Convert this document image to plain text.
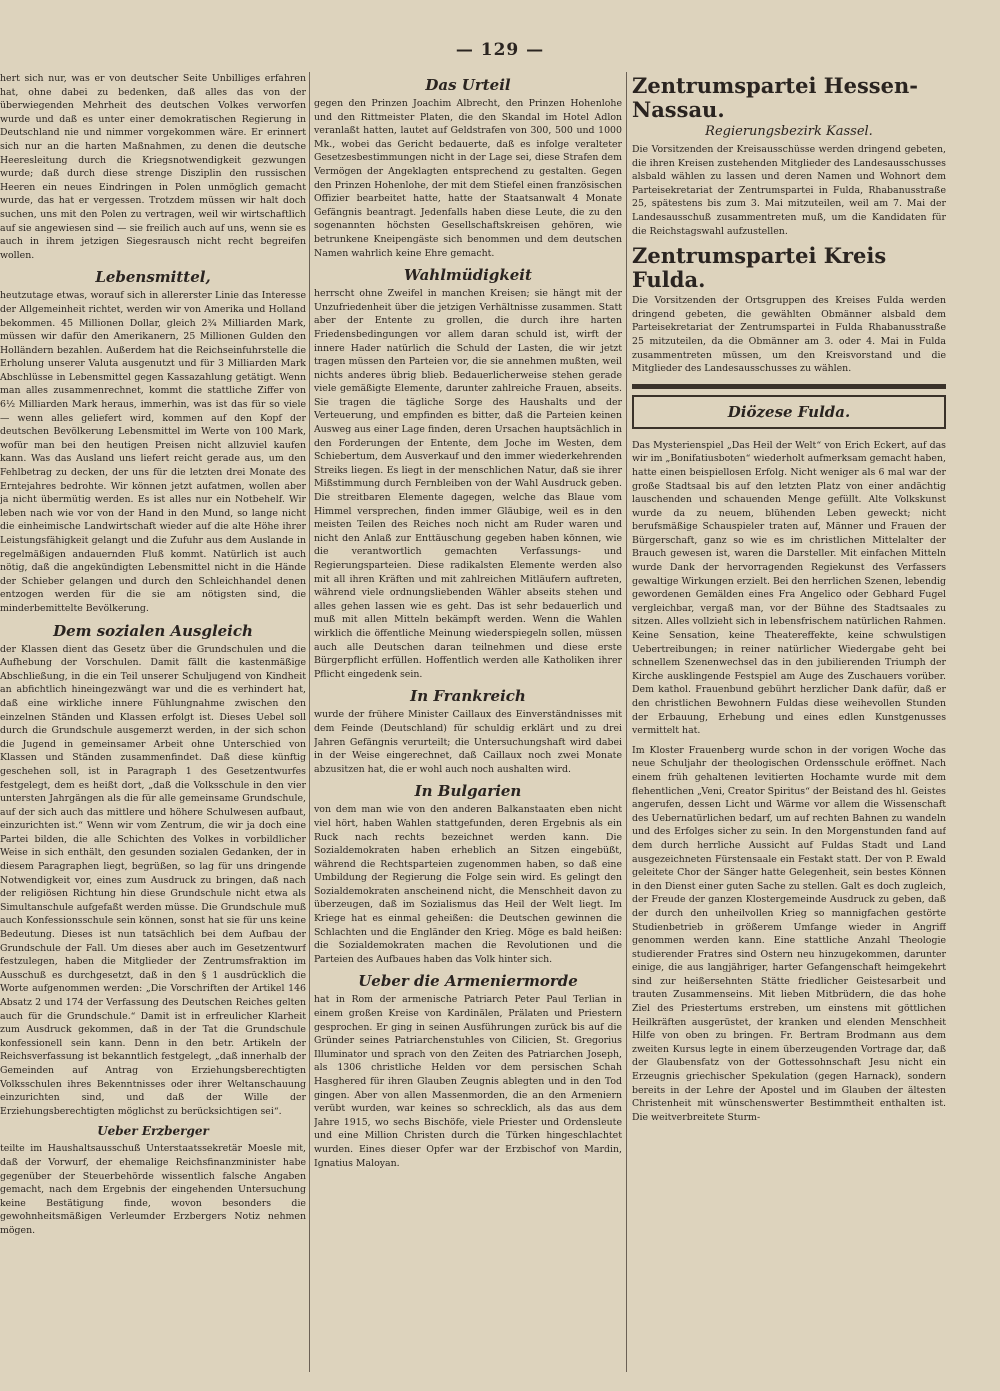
— 129 —

hert sich nur, was er von deutscher Seite Unbilliges erfahren hat, ohne dabei zu bedenken, daß alles das von der überwiegenden Mehrheit des deutschen Volkes verworfen wurde und daß es unter einer demokratischen Regierung in Deutschland nie und nimmer vorgekommen wäre. Er erinnert sich nur an die harten Maßnahmen, zu denen die deutsche Heeresleitung durch die Kriegsnotwendigkeit gezwungen wurde; daß durch diese strenge Disziplin den russischen Heeren ein neues Eindringen in Polen unmöglich gemacht wurde, das hat er vergessen. Trotzdem müssen wir halt doch suchen, uns mit den Polen zu vertragen, weil wir wirtschaftlich auf sie angewiesen sind — sie freilich auch auf uns, wenn sie es auch in ihrem jetzigen Siegesrausch nicht recht begreifen wollen.

Lebensmittel,

heutzutage etwas, worauf sich in allererster Linie das Interesse der Allgemeinheit richtet, werden wir von Amerika und Holland bekommen. 45 Millionen Dollar, gleich 2¾ Milliarden Mark, müssen wir dafür den Amerikanern, 25 Millionen Gulden den Holländern bezahlen. Außerdem hat die Reichseinfuhrstelle die Erholung unserer Valuta ausgenutzt und für 3 Milliarden Mark Abschlüsse in Lebensmittel gegen Kassazahlung getätigt. Wenn man alles zusammenrechnet, kommt die stattliche Ziffer von 6½ Milliarden Mark heraus, immerhin, was ist das für so viele — wenn alles geliefert wird, kommen auf den Kopf der deutschen Bevölkerung Lebensmittel im Werte von 100 Mark, wofür man bei den heutigen Preisen nicht allzuviel kaufen kann. Was das Ausland uns liefert reicht gerade aus, um den Fehlbetrag zu decken, der uns für die letzten drei Monate des Erntejahres bedrohte. Wir können jetzt aufatmen, wollen aber ja nicht übermütig werden. Es ist alles nur ein Notbehelf. Wir leben nach wie vor von der Hand in den Mund, so lange nicht die einheimische Landwirtschaft wieder auf die alte Höhe ihrer Leistungsfähigkeit gelangt und die Zufuhr aus dem Auslande in regelmäßigen andauernden Fluß kommt. Natürlich ist auch nötig, daß die angekündigten Lebensmittel nicht in die Hände der Schieber gelangen und durch den Schleichhandel denen entzogen werden für die sie am nötigsten sind, die minderbemittelte Bevölkerung.

Dem sozialen Ausgleich

der Klassen dient das Gesetz über die Grundschulen und die Aufhebung der Vorschulen. Damit fällt die kastenmäßige Abschließung, in die ein Teil unserer Schuljugend von Kindheit an abfichtlich hineingezwängt war und die es verhindert hat, daß eine wirkliche innere Fühlungnahme zwischen den einzelnen Ständen und Klassen erfolgt ist. Dieses Uebel soll durch die Grundschule ausgemerzt werden, in der sich schon die Jugend in gemeinsamer Arbeit ohne Unterschied von Klassen und Ständen zusammenfindet. Daß diese künftig geschehen soll, ist in Paragraph 1 des Gesetzentwurfes festgelegt, dem es heißt dort, „daß die Volksschule in den vier untersten Jahrgängen als die für alle gemeinsame Grundschule, auf der sich auch das mittlere und höhere Schulwesen aufbaut, einzurichten ist.“ Wenn wir vom Zentrum, die wir ja doch eine Partei bilden, die alle Schichten des Volkes in vorbildlicher Weise in sich enthält, den gesunden sozialen Gedanken, der in diesem Paragraphen liegt, begrüßen, so lag für uns dringende Notwendigkeit vor, eines zum Ausdruck zu bringen, daß nach der religiösen Richtung hin diese Grundschule nicht etwa als Simultanschule aufgefaßt werden müsse. Die Grundschule muß auch Konfessionsschule sein können, sonst hat sie für uns keine Bedeutung. Dieses ist nun tatsächlich bei dem Aufbau der Grundschule der Fall. Um dieses aber auch im Gesetzentwurf festzulegen, haben die Mitglieder der Zentrumsfraktion im Ausschuß es durchgesetzt, daß in den § 1 ausdrücklich die Worte aufgenommen werden: „Die Vorschriften der Artikel 146 Absatz 2 und 174 der Verfassung des Deutschen Reiches gelten auch für die Grundschule.“ Damit ist in erfreulicher Klarheit zum Ausdruck gekommen, daß in der Tat die Grundschule konfessionell sein kann. Denn in den betr. Artikeln der Reichsverfassung ist bekanntlich festgelegt, „daß innerhalb der Gemeinden auf Antrag von Erziehungsberechtigten Volksschulen ihres Bekenntnisses oder ihrer Weltanschauung einzurichten sind, und daß der Wille der Erziehungsberechtigten möglichst zu berücksichtigen sei“.

Ueber Erzberger

teilte im Haushaltsausschuß Unterstaatssekretär Moesle mit, daß der Vorwurf, der ehemalige Reichsfinanzminister habe gegenüber der Steuerbehörde wissentlich falsche Angaben gemacht, nach dem Ergebnis der eingehenden Untersuchung keine Bestätigung finde, wovon besonders die gewohnheitsmäßigen Verleumder Erzbergers Notiz nehmen mögen.

Das Urteil

gegen den Prinzen Joachim Albrecht, den Prinzen Hohenlohe und den Rittmeister Platen, die den Skandal im Hotel Adlon veranlaßt hatten, lautet auf Geldstrafen von 300, 500 und 1000 Mk., wobei das Gericht bedauerte, daß es infolge veralteter Gesetzesbestimmungen nicht in der Lage sei, diese Strafen dem Vermögen der Angeklagten entsprechend zu gestalten. Gegen den Prinzen Hohenlohe, der mit dem Stiefel einen französischen Offizier bearbeitet hatte, hatte der Staatsanwalt 4 Monate Gefängnis beantragt. Jedenfalls haben diese Leute, die zu den sogenannten höchsten Gesellschaftskreisen gehören, wie betrunkene Kneipengäste sich benommen und dem deutschen Namen wahrlich keine Ehre gemacht.

Wahlmüdigkeit

herrscht ohne Zweifel in manchen Kreisen; sie hängt mit der Unzufriedenheit über die jetzigen Verhältnisse zusammen. Statt aber der Entente zu grollen, die durch ihre harten Friedensbedingungen vor allem daran schuld ist, wirft der innere Hader natürlich die Schuld der Lasten, die wir jetzt tragen müssen den Parteien vor, die sie annehmen mußten, weil nichts anderes übrig blieb. Bedauerlicherweise stehen gerade viele gemäßigte Elemente, darunter zahlreiche Frauen, abseits. Sie tragen die tägliche Sorge des Haushalts und der Verteuerung, und empfinden es bitter, daß die Parteien keinen Ausweg aus einer Lage finden, deren Ursachen hauptsächlich in den Forderungen der Entente, dem Joche im Westen, dem Schiebertum, dem Ausverkauf und den immer wiederkehrenden Streiks liegen. Es liegt in der menschlichen Natur, daß sie ihrer Mißstimmung durch Fernbleiben von der Wahl Ausdruck geben. Die streitbaren Elemente dagegen, welche das Blaue vom Himmel versprechen, finden immer Gläubige, weil es in den meisten Teilen des Reiches noch nicht am Ruder waren und nicht den Anlaß zur Enttäuschung gegeben haben können, wie die verantwortlich gemachten Verfassungs- und Regierungsparteien. Diese radikalsten Elemente werden also mit all ihren Kräften und mit zahlreichen Mitläufern auftreten, während viele ordnungsliebenden Wähler abseits stehen und alles gehen lassen wie es geht. Das ist sehr bedauerlich und muß mit allen Mitteln bekämpft werden. Wenn die Wahlen wirklich die öffentliche Meinung wiederspiegeln sollen, müssen auch alle Deutschen daran teilnehmen und diese erste Bürgerpflicht erfüllen. Hoffentlich werden alle Katholiken ihrer Pflicht eingedenk sein.

In Frankreich

wurde der frühere Minister Caillaux des Einverständnisses mit dem Feinde (Deutschland) für schuldig erklärt und zu drei Jahren Gefängnis verurteilt; die Untersuchungshaft wird dabei in der Weise eingerechnet, daß Caillaux noch zwei Monate abzusitzen hat, die er wohl auch noch aushalten wird.

In Bulgarien

von dem man wie von den anderen Balkanstaaten eben nicht viel hört, haben Wahlen stattgefunden, deren Ergebnis als ein Ruck nach rechts bezeichnet werden kann. Die Sozialdemokraten haben erheblich an Sitzen eingebüßt, während die Rechtsparteien zugenommen haben, so daß eine Umbildung der Regierung die Folge sein wird. Es gelingt den Sozialdemokraten anscheinend nicht, die Menschheit davon zu überzeugen, daß im Sozialismus das Heil der Welt liegt. Im Kriege hat es einmal geheißen: die Deutschen gewinnen die Schlachten und die Engländer den Krieg. Möge es bald heißen: die Sozialdemokraten machen die Revolutionen und die Parteien des Aufbaues haben das Volk hinter sich.

Ueber die Armeniermorde

hat in Rom der armenische Patriarch Peter Paul Terlian in einem großen Kreise von Kardinälen, Prälaten und Priestern gesprochen. Er ging in seinen Ausführungen zurück bis auf die Gründer seines Patriarchenstuhles von Cilicien, St. Gregorius Illuminator und sprach von den Zeiten des Patriarchen Joseph, als 1306 christliche Helden vor dem persischen Schah Hasghered für ihren Glauben Zeugnis ablegten und in den Tod gingen. Aber von allen Massenmorden, die an den Armeniern verübt wurden, war keines so schrecklich, als das aus dem Jahre 1915, wo sechs Bischöfe, viele Priester und Ordensleute und eine Million Christen durch die Türken hingeschlachtet wurden. Eines dieser Opfer war der Erzbischof von Mardin, Ignatius Maloyan.

Zentrumspartei Hessen-Nassau.
Regierungsbezirk Kassel.

Die Vorsitzenden der Kreisausschüsse werden dringend gebeten, die ihren Kreisen zustehenden Mitglieder des Landesausschusses alsbald wählen zu lassen und deren Namen und Wohnort dem Parteisekretariat der Zentrumspartei in Fulda, Rhabanusstraße 25, spätestens bis zum 3. Mai mitzuteilen, weil am 7. Mai der Landesausschuß zusammentreten muß, um die Kandidaten für die Reichstagswahl aufzustellen.

Zentrumspartei Kreis Fulda.

Die Vorsitzenden der Ortsgruppen des Kreises Fulda werden dringend gebeten, die gewählten Obmänner alsbald dem Parteisekretariat der Zentrumspartei in Fulda Rhabanusstraße 25 mitzuteilen, da die Obmänner am 3. oder 4. Mai in Fulda zusammentreten müssen, um den Kreisvorstand und die Mitglieder des Landesausschusses zu wählen.

Diözese Fulda.

Das Mysterienspiel „Das Heil der Welt“ von Erich Eckert, auf das wir im „Bonifatiusboten“ wiederholt aufmerksam gemacht haben, hatte einen beispiellosen Erfolg. Nicht weniger als 6 mal war der große Stadtsaal bis auf den letzten Platz von einer andächtig lauschenden und schauenden Menge gefüllt. Alte Volkskunst wurde da zu neuem, blühenden Leben geweckt; nicht berufsmäßige Schauspieler traten auf, Männer und Frauen der Bürgerschaft, ganz so wie es im christlichen Mittelalter der Brauch gewesen ist, waren die Darsteller. Mit einfachen Mitteln wurde Dank der hervorragenden Regiekunst des Verfassers gewaltige Wirkungen erzielt. Bei den herrlichen Szenen, lebendig gewordenen Gemälden eines Fra Angelico oder Gebhard Fugel vergleichbar, vergaß man, vor der Bühne des Stadtsaales zu sitzen. Alles vollzieht sich in lebensfrischem natürlichen Rahmen. Keine Sensation, keine Theatereffekte, keine schwulstigen Uebertreibungen; in reiner natürlicher Wiedergabe geht bei schnellem Szenenwechsel das in den jubilierenden Triumph der Kirche ausklingende Festspiel am Auge des Zuschauers vorüber. Dem kathol. Frauenbund gebührt herzlicher Dank dafür, daß er den christlichen Bewohnern Fuldas diese weihevollen Stunden der Erbauung, Erhebung und eines edlen Kunstgenusses vermittelt hat.

Im Kloster Frauenberg wurde schon in der vorigen Woche das neue Schuljahr der theologischen Ordensschule eröffnet. Nach einem früh gehaltenen levitierten Hochamte wurde mit dem flehentlichen „Veni, Creator Spiritus“ der Beistand des hl. Geistes angerufen, dessen Licht und Wärme vor allem die Wissenschaft des Uebernatürlichen bedarf, um auf rechten Bahnen zu wandeln und des Erfolges sicher zu sein. In den Morgenstunden fand auf dem durch herrliche Aussicht auf Fuldas Stadt und Land ausgezeichneten Fürstensaale ein Festakt statt. Der von P. Ewald geleitete Chor der Sänger hatte Gelegenheit, sein bestes Können in den Dienst einer guten Sache zu stellen. Galt es doch zugleich, der Freude der ganzen Klostergemeinde Ausdruck zu geben, daß der durch den unheilvollen Krieg so mannigfachen gestörte Studienbetrieb in größerem Umfange wieder in Angriff genommen werden kann. Eine stattliche Anzahl Theologie studierender Fratres sind Ostern neu hinzugekommen, darunter einige, die aus langjähriger, harter Gefangenschaft heimgekehrt sind zur heißersehnten Stätte friedlicher Geistesarbeit und trauten Zusammenseins. Mit lieben Mitbrüdern, die das hohe Ziel des Priestertums erstreben, um einstens mit göttlichen Heilkräften ausgerüstet, der kranken und elenden Menschheit Hilfe von oben zu bringen. Fr. Bertram Brodmann aus dem zweiten Kursus legte in einem überzeugenden Vortrage dar, daß der Glaubensfatz von der Gottessohnschaft Jesu nicht ein Erzeugnis griechischer Spekulation (gegen Harnack), sondern bereits in der Lehre der Apostel und im Glauben der ältesten Christenheit mit wünschenswerter Bestimmtheit enthalten ist. Die weitverbreitete Sturm-
